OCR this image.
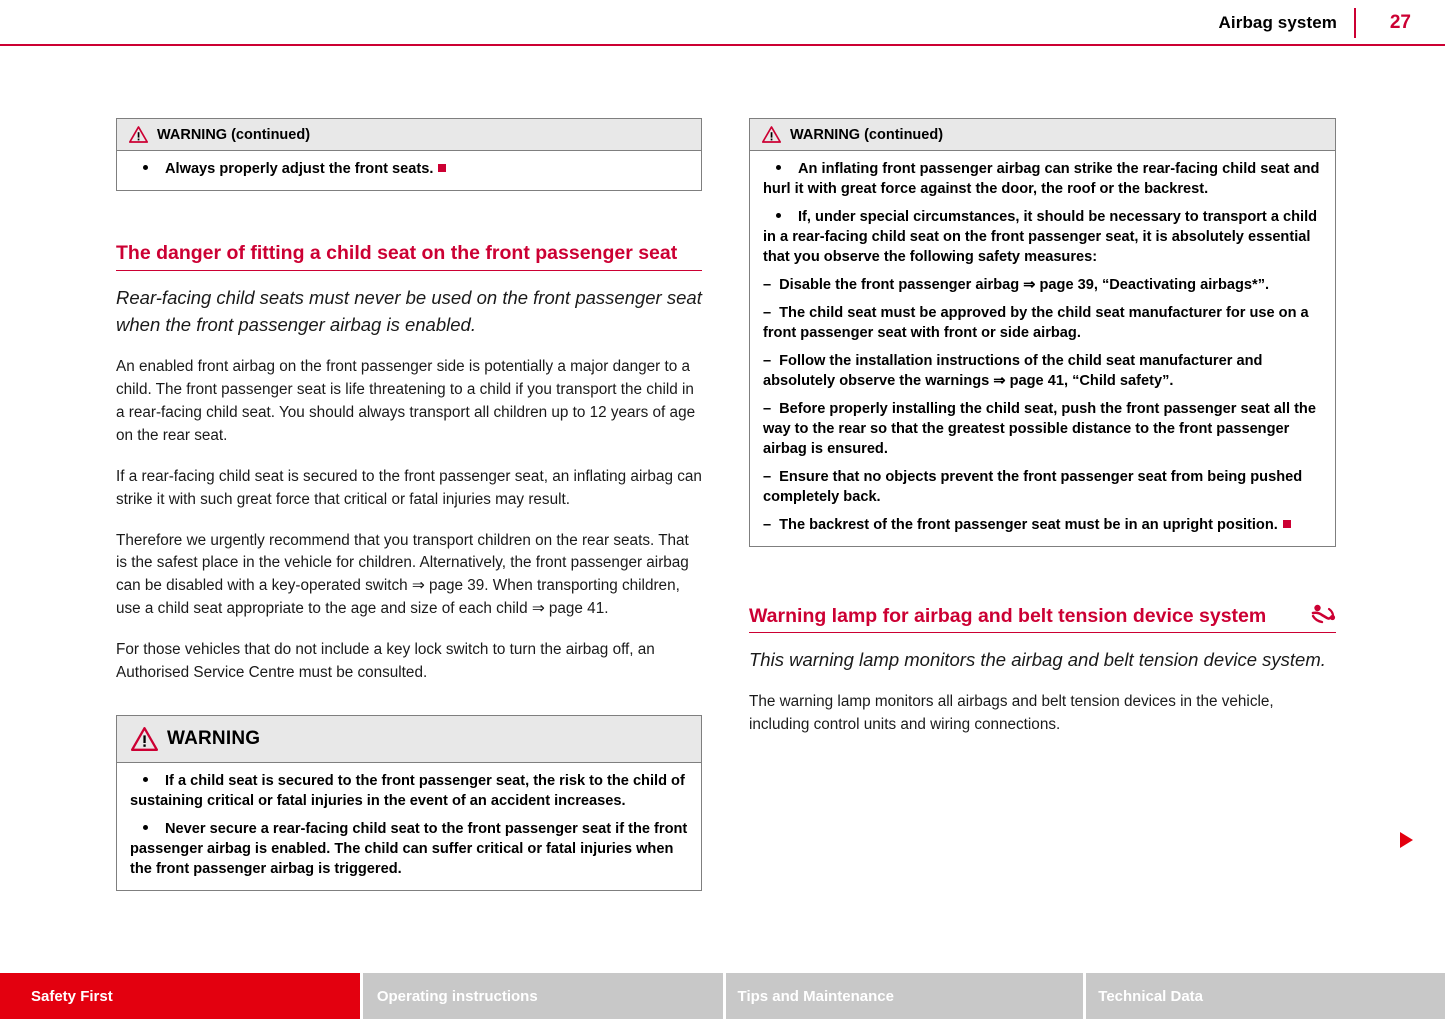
Airbag system	27
WARNING (continued)

Always properly adjust the front seats.

The danger of fitting a child seat on the front passenger seat

Rear-facing child seats must never be used on the front passenger seat when the front passenger airbag is enabled.

An enabled front airbag on the front passenger side is potentially a major danger to a child. The front passenger seat is life threatening to a child if you transport the child in a rear-facing child seat. You should always transport all children up to 12 years of age on the rear seat.

If a rear-facing child seat is secured to the front passenger seat, an inflating airbag can strike it with such great force that critical or fatal injuries may result.

Therefore we urgently recommend that you transport children on the rear seats. That is the safest place in the vehicle for children. Alternatively, the front passenger airbag can be disabled with a key-operated switch ⇒ page 39. When transporting children, use a child seat appropriate to the age and size of each child ⇒ page 41.

For those vehicles that do not include a key lock switch to turn the airbag off, an Authorised Service Centre must be consulted.

WARNING

If a child seat is secured to the front passenger seat, the risk to the child of sustaining critical or fatal injuries in the event of an accident increases.

Never secure a rear-facing child seat to the front passenger seat if the front passenger airbag is enabled. The child can suffer critical or fatal injuries when the front passenger airbag is triggered.

WARNING (continued)

An inflating front passenger airbag can strike the rear-facing child seat and hurl it with great force against the door, the roof or the backrest.

If, under special circumstances, it should be necessary to transport a child in a rear-facing child seat on the front passenger seat, it is absolutely essential that you observe the following safety measures:

– Disable the front passenger airbag ⇒ page 39, “Deactivating airbags*”.

– The child seat must be approved by the child seat manufacturer for use on a front passenger seat with front or side airbag.

– Follow the installation instructions of the child seat manufacturer and absolutely observe the warnings ⇒ page 41, “Child safety”.

– Before properly installing the child seat, push the front passenger seat all the way to the rear so that the greatest possible distance to the front passenger airbag is ensured.

– Ensure that no objects prevent the front passenger seat from being pushed completely back.

– The backrest of the front passenger seat must be in an upright position.

Warning lamp for airbag and belt tension device system

This warning lamp monitors the airbag and belt tension device system.

The warning lamp monitors all airbags and belt tension devices in the vehicle, including control units and wiring connections.

Safety First	Operating instructions	Tips and Maintenance	Technical Data
